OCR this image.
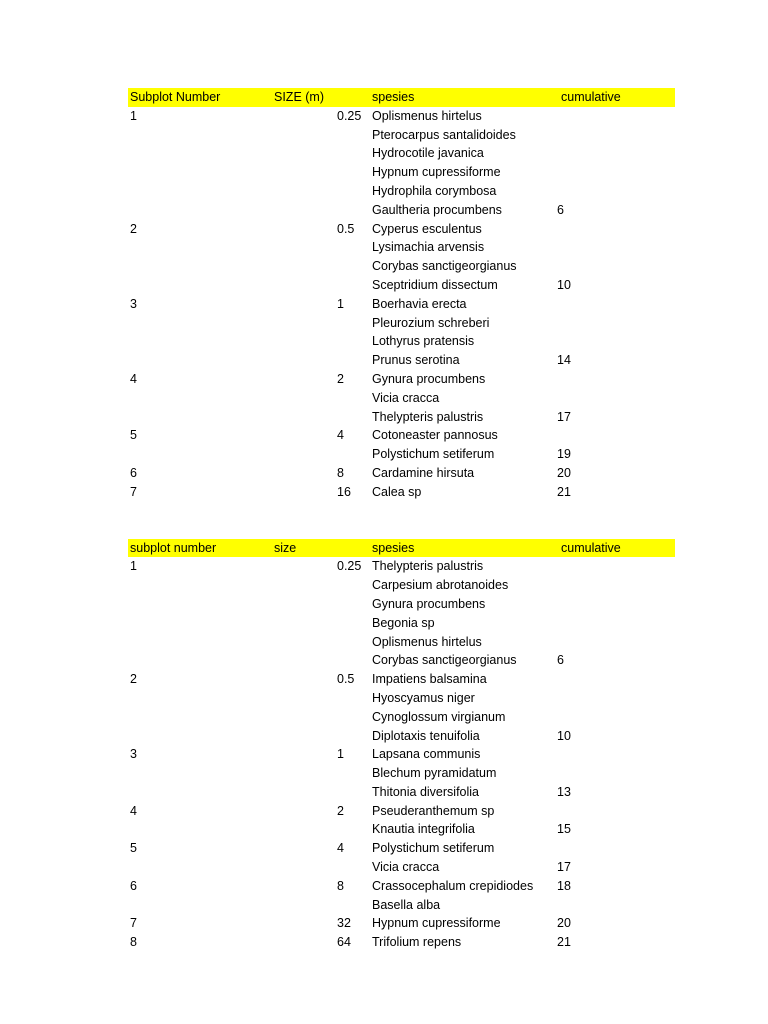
Subplot Number	SIZE (m)		spesies	cumulative
1		0.25	Oplismenus hirtelus	
			Pterocarpus santalidoides	
			Hydrocotile javanica	
			Hypnum cupressiforme	
			Hydrophila corymbosa	
			Gaultheria procumbens	6
2		0.5	Cyperus esculentus	
			Lysimachia arvensis	
			Corybas sanctigeorgianus	
			Sceptridium dissectum	10
3		1	Boerhavia erecta	
			Pleurozium schreberi	
			Lothyrus pratensis	
			Prunus serotina	14
4		2	Gynura procumbens	
			Vicia cracca	
			Thelypteris palustris	17
5		4	Cotoneaster pannosus	
			Polystichum setiferum	19
6		8	Cardamine hirsuta	20
7		16	Calea sp	21
subplot number	size		spesies	cumulative
1		0.25	Thelypteris palustris	
			Carpesium abrotanoides	
			Gynura procumbens	
			Begonia sp	
			Oplismenus hirtelus	
			Corybas sanctigeorgianus	6
2		0.5	Impatiens balsamina	
			Hyoscyamus niger	
			Cynoglossum virgianum	
			Diplotaxis tenuifolia	10
3		1	Lapsana communis	
			Blechum pyramidatum	
			Thitonia diversifolia	13
4		2	Pseuderanthemum sp	
			Knautia integrifolia	15
5		4	Polystichum setiferum	
			Vicia cracca	17
6		8	Crassocephalum crepidiodes	18
			Basella alba	
7		32	Hypnum cupressiforme	20
8		64	Trifolium repens	21
